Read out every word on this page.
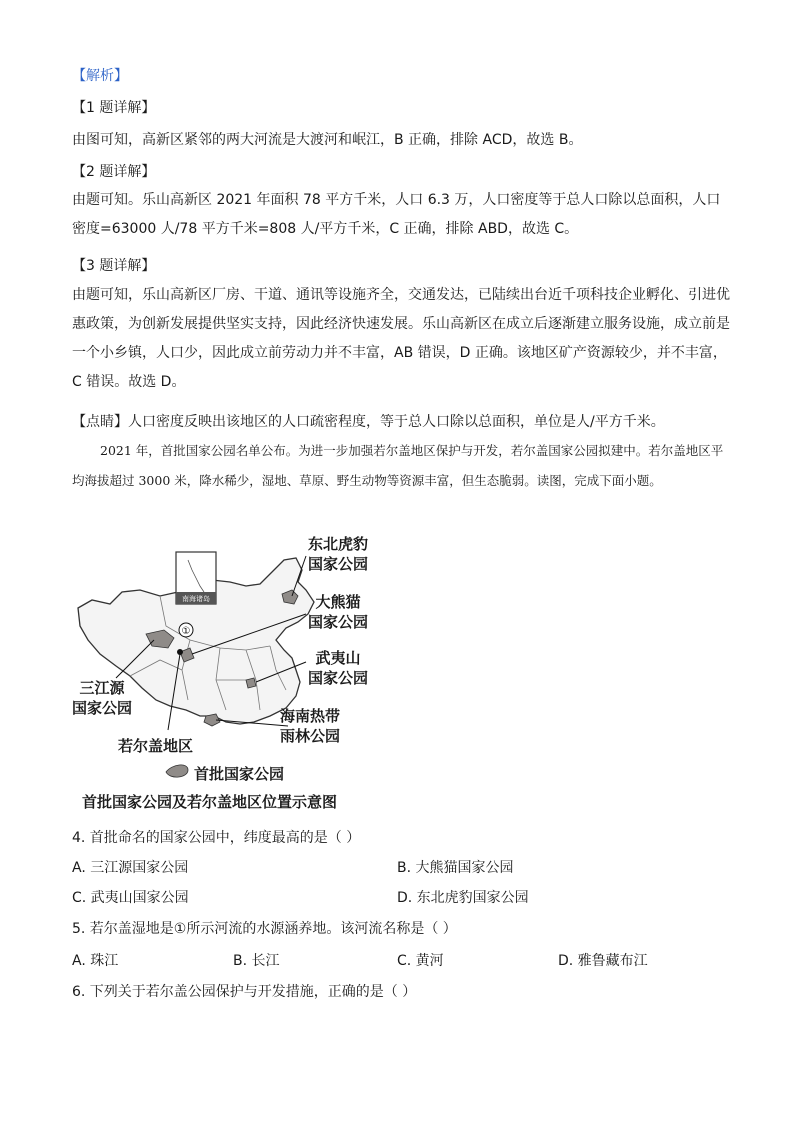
【解析】
【1 题详解】
由图可知，高新区紧邻的两大河流是大渡河和岷江，B 正确，排除 ACD，故选 B。
【2 题详解】

由题可知。乐山高新区 2021 年面积 78 平方千米，人口 6.3 万，人口密度等于总人口除以总面积，人口密度=63000 人/78 平方千米=808 人/平方千米，C 正确，排除 ABD，故选 C。

【3 题详解】

由题可知，乐山高新区厂房、干道、通讯等设施齐全，交通发达，已陆续出台近千项科技企业孵化、引进优惠政策，为创新发展提供坚实支持，因此经济快速发展。乐山高新区在成立后逐渐建立服务设施，成立前是一个小乡镇，人口少，因此成立前劳动力并不丰富，AB 错误，D 正确。该地区矿产资源较少，并不丰富，C 错误。故选 D。

【点睛】人口密度反映出该地区的人口疏密程度，等于总人口除以总面积，单位是人/平方千米。

2021 年，首批国家公园名单公布。为进一步加强若尔盖地区保护与开发，若尔盖国家公园拟建中。若尔盖地区平均海拔超过 3000 米，降水稀少，湿地、草原、野生动物等资源丰富，但生态脆弱。读图，完成下面小题。

南海诸岛
①
东北虎豹
国家公园
大熊猫
国家公园
武夷山
国家公园
三江源
国家公园	海南热带
雨林公园
若尔盖地区
首批国家公园
首批国家公园及若尔盖地区位置示意图
4. 首批命名的国家公园中，纬度最高的是（ ）
A. 三江源国家公园	B. 大熊猫国家公园
C. 武夷山国家公园	D. 东北虎豹国家公园
5. 若尔盖湿地是①所示河流的水源涵养地。该河流名称是（ ）
A. 珠江	B. 长江	C. 黄河	D. 雅鲁藏布江
6. 下列关于若尔盖公园保护与开发措施，正确的是（ ）
